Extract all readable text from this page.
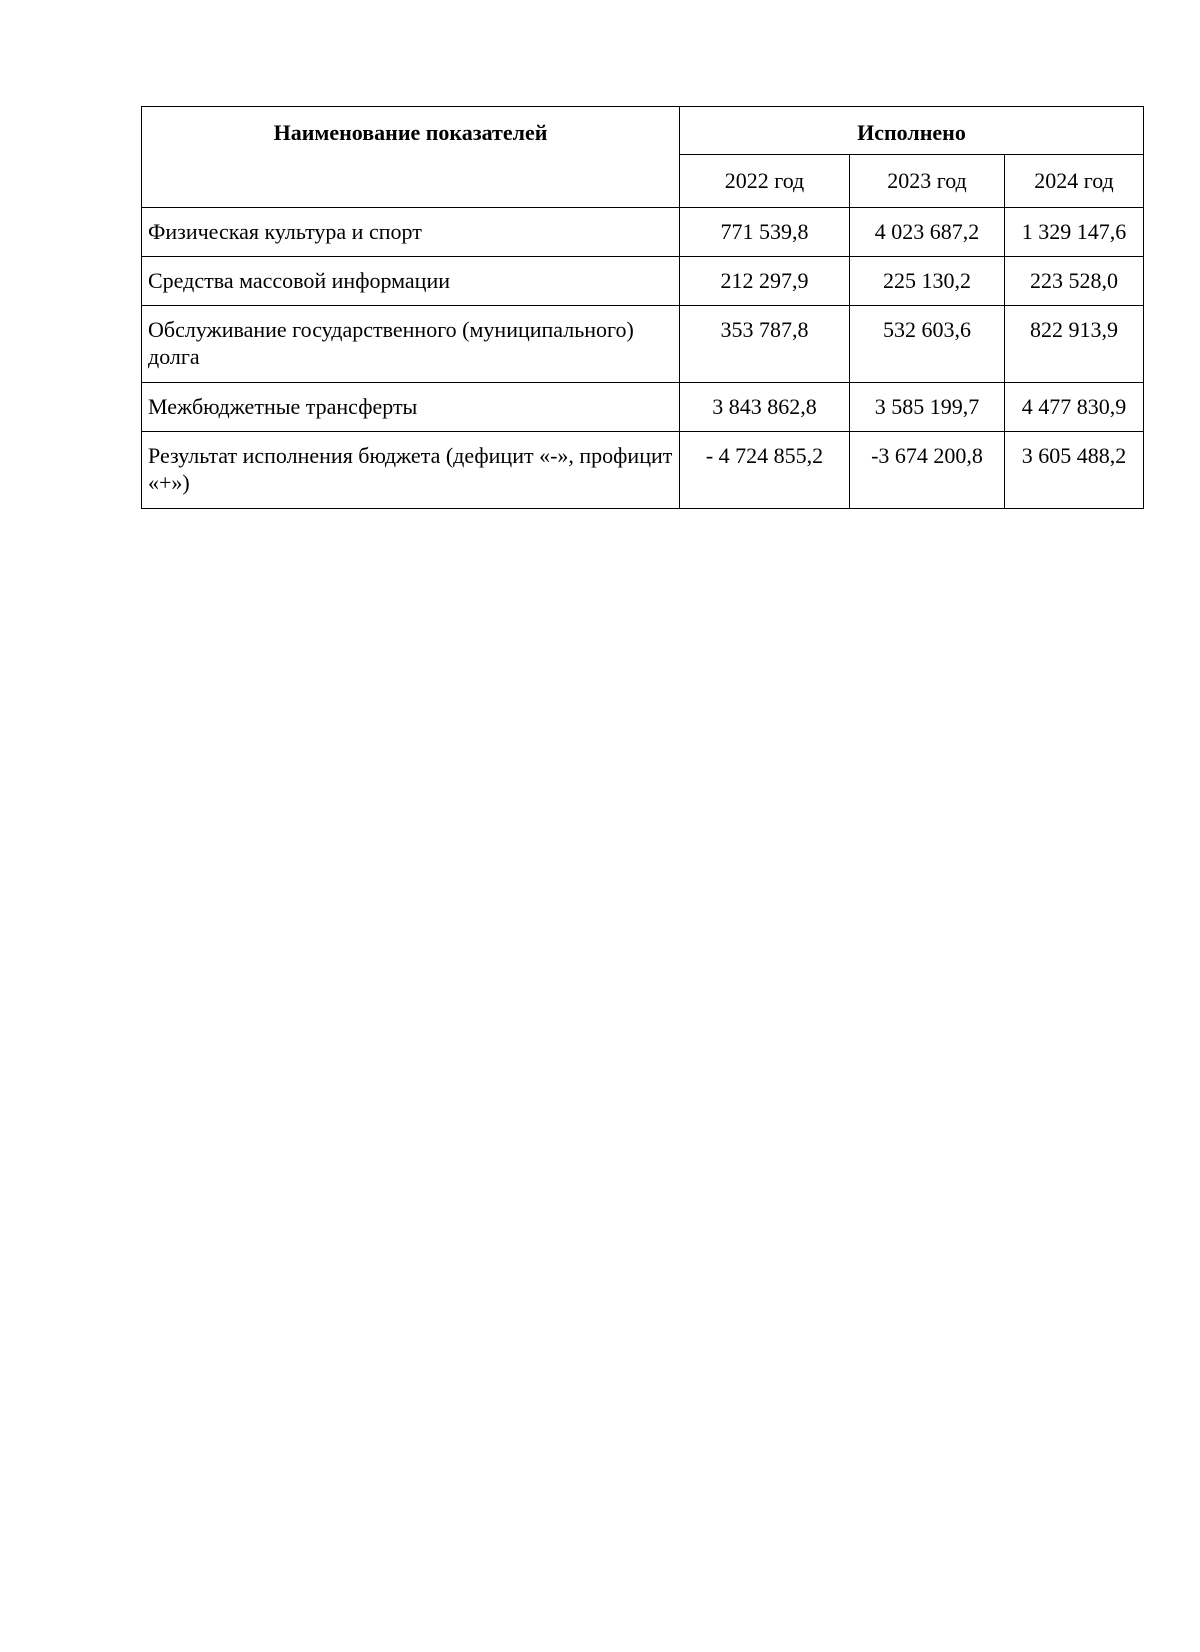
Наименование показателей	Исполнено		
	2022 год	2023 год	2024 год
Физическая культура и спорт	771 539,8	4 023 687,2	1 329 147,6
Средства массовой информации	212 297,9	225 130,2	223 528,0
Обслуживание государственного (муниципального) долга	353 787,8	532 603,6	822 913,9
Межбюджетные трансферты	3 843 862,8	3 585 199,7	4 477 830,9
Результат исполнения бюджета (дефицит «-», профицит «+»)	- 4 724 855,2	-3 674 200,8	3 605 488,2
